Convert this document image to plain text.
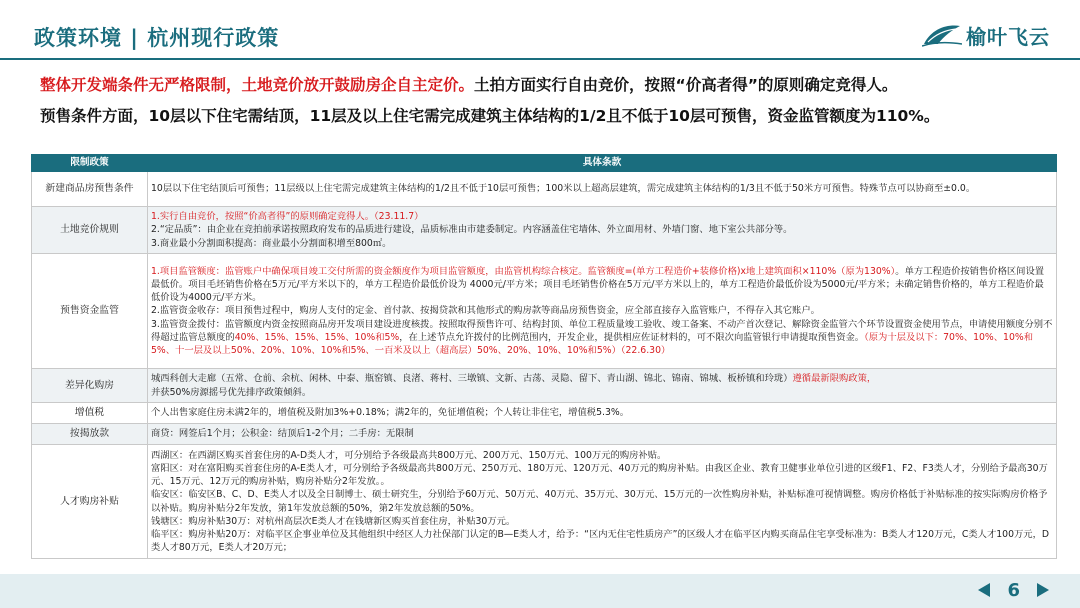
政策环境 | 杭州现行政策	榆叶飞云
整体开发端条件无严格限制，土地竞价放开鼓励房企自主定价。土拍方面实行自由竞价，按照“价高者得”的原则确定竞得人。
预售条件方面，10层以下住宅需结顶，11层及以上住宅需完成建筑主体结构的1/2且不低于10层可预售，资金监管额度为110%。
限制政策	具体条款
新建商品房预售条件	10层以下住宅结顶后可预售；11层级以上住宅需完成建筑主体结构的1/2且不低于10层可预售；100米以上超高层建筑，需完成建筑主体结构的1/3且不低于50米方可预售。特殊节点可以协商至±0.0。
土地竞价规则	1.实行自由竞价，按照“价高者得”的原则确定竞得人。（23.11.7）
2.“定品质”：由企业在竞拍前承诺按照政府发布的品质进行建设，品质标准由市建委制定。内容涵盖住宅墙体、外立面用材、外墙门窗、地下室公共部分等。
3.商业最小分割面积提高：商业最小分割面积增至800㎡。

预售资金监管	1.项目监管额度：监管账户中确保项目竣工交付所需的资金额度作为项目监管额度，由监管机构综合核定。监管额度=(单方工程造价+装修价格)x地上建筑面积×110%（原为130%）。单方工程造价按销售价格区间设置最低价。项目毛坯销售价格在5万元/平方米以下的，单方工程造价最低价设为 4000元/平方米；项目毛坯销售价格在5万元/平方米以上的，单方工程造价最低价设为5000元/平方米；未确定销售价格的，单方工程造价最低价设为4000元/平方米。
2.监管资金收存：项目预售过程中，购房人支付的定金、首付款、按揭贷款和其他形式的购房款等商品房预售资金，应全部直接存入监管账户，不得存入其它账户。
3.监管资金拨付：监管额度内资金按照商品房开发项目建设进度核拨。按照取得预售许可、结构封顶、单位工程质量竣工验收、竣工备案、不动产首次登记、解除资金监管六个环节设置资金使用节点，申请使用额度分别不得超过监管总额度的40%、15%、15%、15%、10%和5%，在上述节点允许拨付的比例范围内，开发企业，提供相应佐证材料的，可不限次向监管银行申请提取预售资金。（原为十层及以下：70%、10%、10%和5%、十一层及以上50%、20%、10%、10%和5%、一百米及以上（超高层）50%、20%、10%、10%和5%）（22.6.30）
差异化购房	城西科创大走廊（五常、仓前、余杭、闲林、中泰、瓶窑镇、良渚、蒋村、三墩镇、文新、古荡、灵隐、留下、青山湖、锦北、锦南、锦城、板桥镇和玲珑）遵循最新限购政策，
并获50%房源摇号优先排序政策倾斜。

增值税	个人出售家庭住房未满2年的，增值税及附加3%+0.18%；满2年的，免征增值税；个人转让非住宅，增值税5.3%。
按揭放款	商贷：网签后1个月；公积金：结顶后1-2个月；二手房：无限制
人才购房补贴	西湖区：在西湖区购买首套住房的A-D类人才，可分别给予各级最高共800万元、200万元、150万元、100万元的购房补贴。
富阳区：对在富阳购买首套住房的A-E类人才，可分别给予各级最高共800万元、250万元、180万元、120万元、40万元的购房补贴。由我区企业、教育卫健事业单位引进的区级F1、F2、F3类人才，分别给予最高30万元、15万元、12万元的购房补贴，购房补贴分2年发放。。
临安区：临安区B、C、D、E类人才以及全日制博士、硕士研究生，分别给予60万元、50万元、40万元、35万元、30万元、15万元的一次性购房补贴，补贴标准可视情调整。购房价格低于补贴标准的按实际购房价格予以补贴。购房补贴分2年发放，第1年发放总额的50%，第2年发放总额的50%。
钱塘区：购房补贴30万：对杭州高层次E类人才在钱塘新区购买首套住房，补贴30万元。
临平区：购房补贴20万：对临平区企事业单位及其他组织中经区人力社保部门认定的B—E类人才，给予：“区内无住宅性质房产”的区级人才在临平区内购买商品住宅享受标准为：B类人才120万元，C类人才100万元，D类人才80万元，E类人才20万元；
6
